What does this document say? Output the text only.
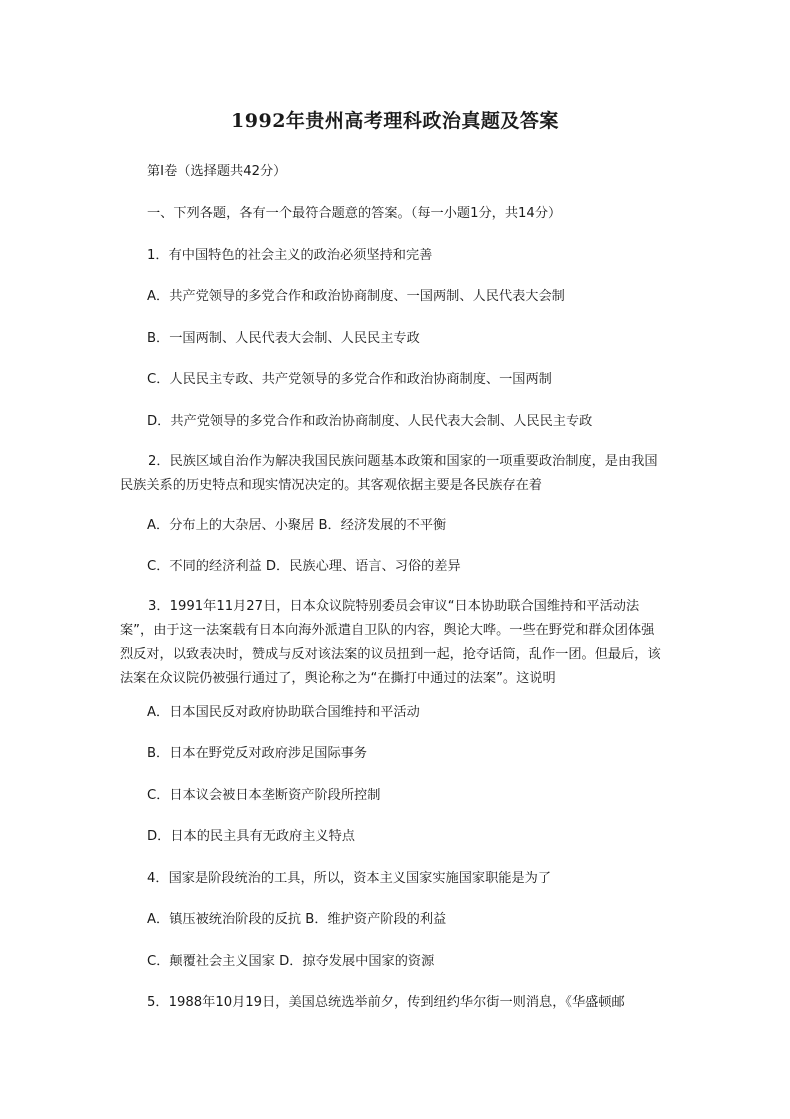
1992年贵州高考理科政治真题及答案
第Ⅰ卷（选择题共42分）
一、下列各题，各有一个最符合题意的答案。（每一小题1分，共14分）
1．有中国特色的社会主义的政治必须坚持和完善
A．共产党领导的多党合作和政治协商制度、一国两制、人民代表大会制
B．一国两制、人民代表大会制、人民民主专政
C．人民民主专政、共产党领导的多党合作和政治协商制度、一国两制
D．共产党领导的多党合作和政治协商制度、人民代表大会制、人民民主专政
2．民族区域自治作为解决我国民族问题基本政策和国家的一项重要政治制度，是由我国民族关系的历史特点和现实情况决定的。其客观依据主要是各民族存在着
A．分布上的大杂居、小聚居 B．经济发展的不平衡
C．不同的经济利益 D．民族心理、语言、习俗的差异
3．1991年11月27日，日本众议院特别委员会审议“日本协助联合国维持和平活动法案”，由于这一法案载有日本向海外派遣自卫队的内容，舆论大哗。一些在野党和群众团体强烈反对，以致表决时，赞成与反对该法案的议员扭到一起，抢夺话筒，乱作一团。但最后，该法案在众议院仍被强行通过了，舆论称之为“在撕打中通过的法案”。这说明
A．日本国民反对政府协助联合国维持和平活动
B．日本在野党反对政府涉足国际事务
C．日本议会被日本垄断资产阶段所控制
D．日本的民主具有无政府主义特点
4．国家是阶段统治的工具，所以，资本主义国家实施国家职能是为了
A．镇压被统治阶段的反抗 B．维护资产阶段的利益
C．颠覆社会主义国家 D．掠夺发展中国家的资源
5．1988年10月19日，美国总统选举前夕，传到纽约华尔街一则消息，《华盛顿邮
